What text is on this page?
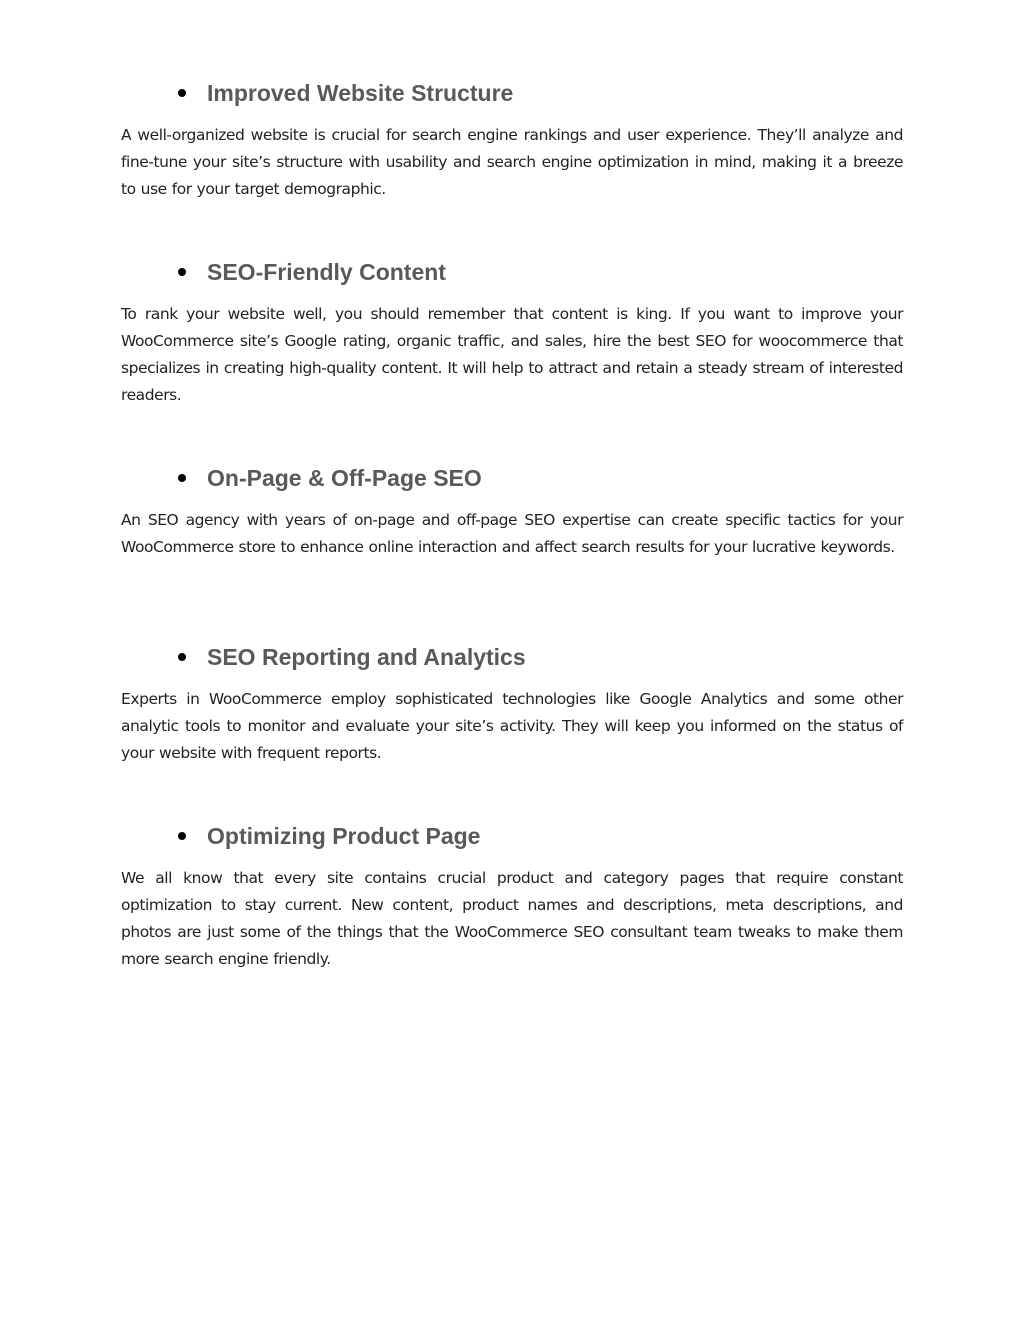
Improved Website Structure

A well-organized website is crucial for search engine rankings and user experience. They’ll analyze and fine-tune your site’s structure with usability and search engine optimization in mind, making it a breeze to use for your target demographic.

SEO-Friendly Content

To rank your website well, you should remember that content is king. If you want to improve your WooCommerce site’s Google rating, organic traffic, and sales, hire the best SEO for woocommerce that specializes in creating high-quality content. It will help to attract and retain a steady stream of interested readers.

On-Page & Off-Page SEO

An SEO agency with years of on-page and off-page SEO expertise can create specific tactics for your WooCommerce store to enhance online interaction and affect search results for your lucrative keywords.

SEO Reporting and Analytics

Experts in WooCommerce employ sophisticated technologies like Google Analytics and some other analytic tools to monitor and evaluate your site’s activity. They will keep you informed on the status of your website with frequent reports.

Optimizing Product Page

We all know that every site contains crucial product and category pages that require constant optimization to stay current. New content, product names and descriptions, meta descriptions, and photos are just some of the things that the WooCommerce SEO consultant team tweaks to make them more search engine friendly.
